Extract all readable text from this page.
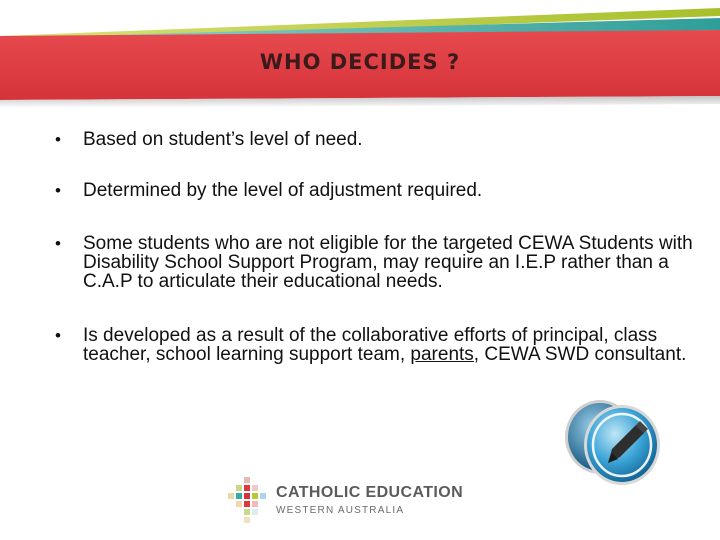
WHO DECIDES ?
• Based on student’s level of need.
• Determined by the level of adjustment required.
• Some students who are not eligible for the targeted CEWA Students with Disability School Support Program, may require an I.E.P rather than a C.A.P to articulate their educational needs.
• Is developed as a result of the collaborative efforts of principal, class teacher, school learning support team, parents, CEWA SWD consultant.
CATHOLIC EDUCATION
WESTERN AUSTRALIA
